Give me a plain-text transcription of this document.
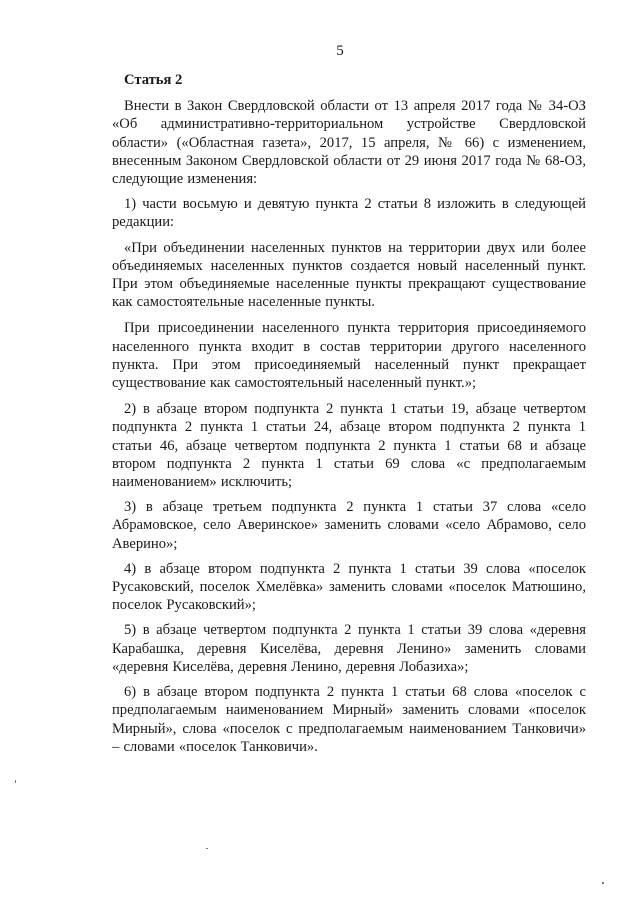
5
Статья 2

Внести в Закон Свердловской области от 13 апреля 2017 года № 34-ОЗ «Об административно-территориальном устройстве Свердловской области» («Областная газета», 2017, 15 апреля, № 66) с изменением, внесенным Законом Свердловской области от 29 июня 2017 года № 68-ОЗ, следующие изменения:

1) части восьмую и девятую пункта 2 статьи 8 изложить в следующей редакции:

«При объединении населенных пунктов на территории двух или более объединяемых населенных пунктов создается новый населенный пункт. При этом объединяемые населенные пункты прекращают существование как самостоятельные населенные пункты.

При присоединении населенного пункта территория присоединяемого населенного пункта входит в состав территории другого населенного пункта. При этом присоединяемый населенный пункт прекращает существование как самостоятельный населенный пункт.»;

2) в абзаце втором подпункта 2 пункта 1 статьи 19, абзаце четвертом подпункта 2 пункта 1 статьи 24, абзаце втором подпункта 2 пункта 1 статьи 46, абзаце четвертом подпункта 2 пункта 1 статьи 68 и абзаце втором подпункта 2 пункта 1 статьи 69 слова «с предполагаемым наименованием» исключить;

3) в абзаце третьем подпункта 2 пункта 1 статьи 37 слова «село Абрамовское, село Аверинское» заменить словами «село Абрамово, село Аверино»;

4) в абзаце втором подпункта 2 пункта 1 статьи 39 слова «поселок Русаковский, поселок Хмелёвка» заменить словами «поселок Матюшино, поселок Русаковский»;

5) в абзаце четвертом подпункта 2 пункта 1 статьи 39 слова «деревня Карабашка, деревня Киселёва, деревня Ленино» заменить словами «деревня Киселёва, деревня Ленино, деревня Лобазиха»;

6) в абзаце втором подпункта 2 пункта 1 статьи 68 слова «поселок с предполагаемым наименованием Мирный» заменить словами «поселок Мирный», слова «поселок с предполагаемым наименованием Танковичи» – словами «поселок Танковичи».
